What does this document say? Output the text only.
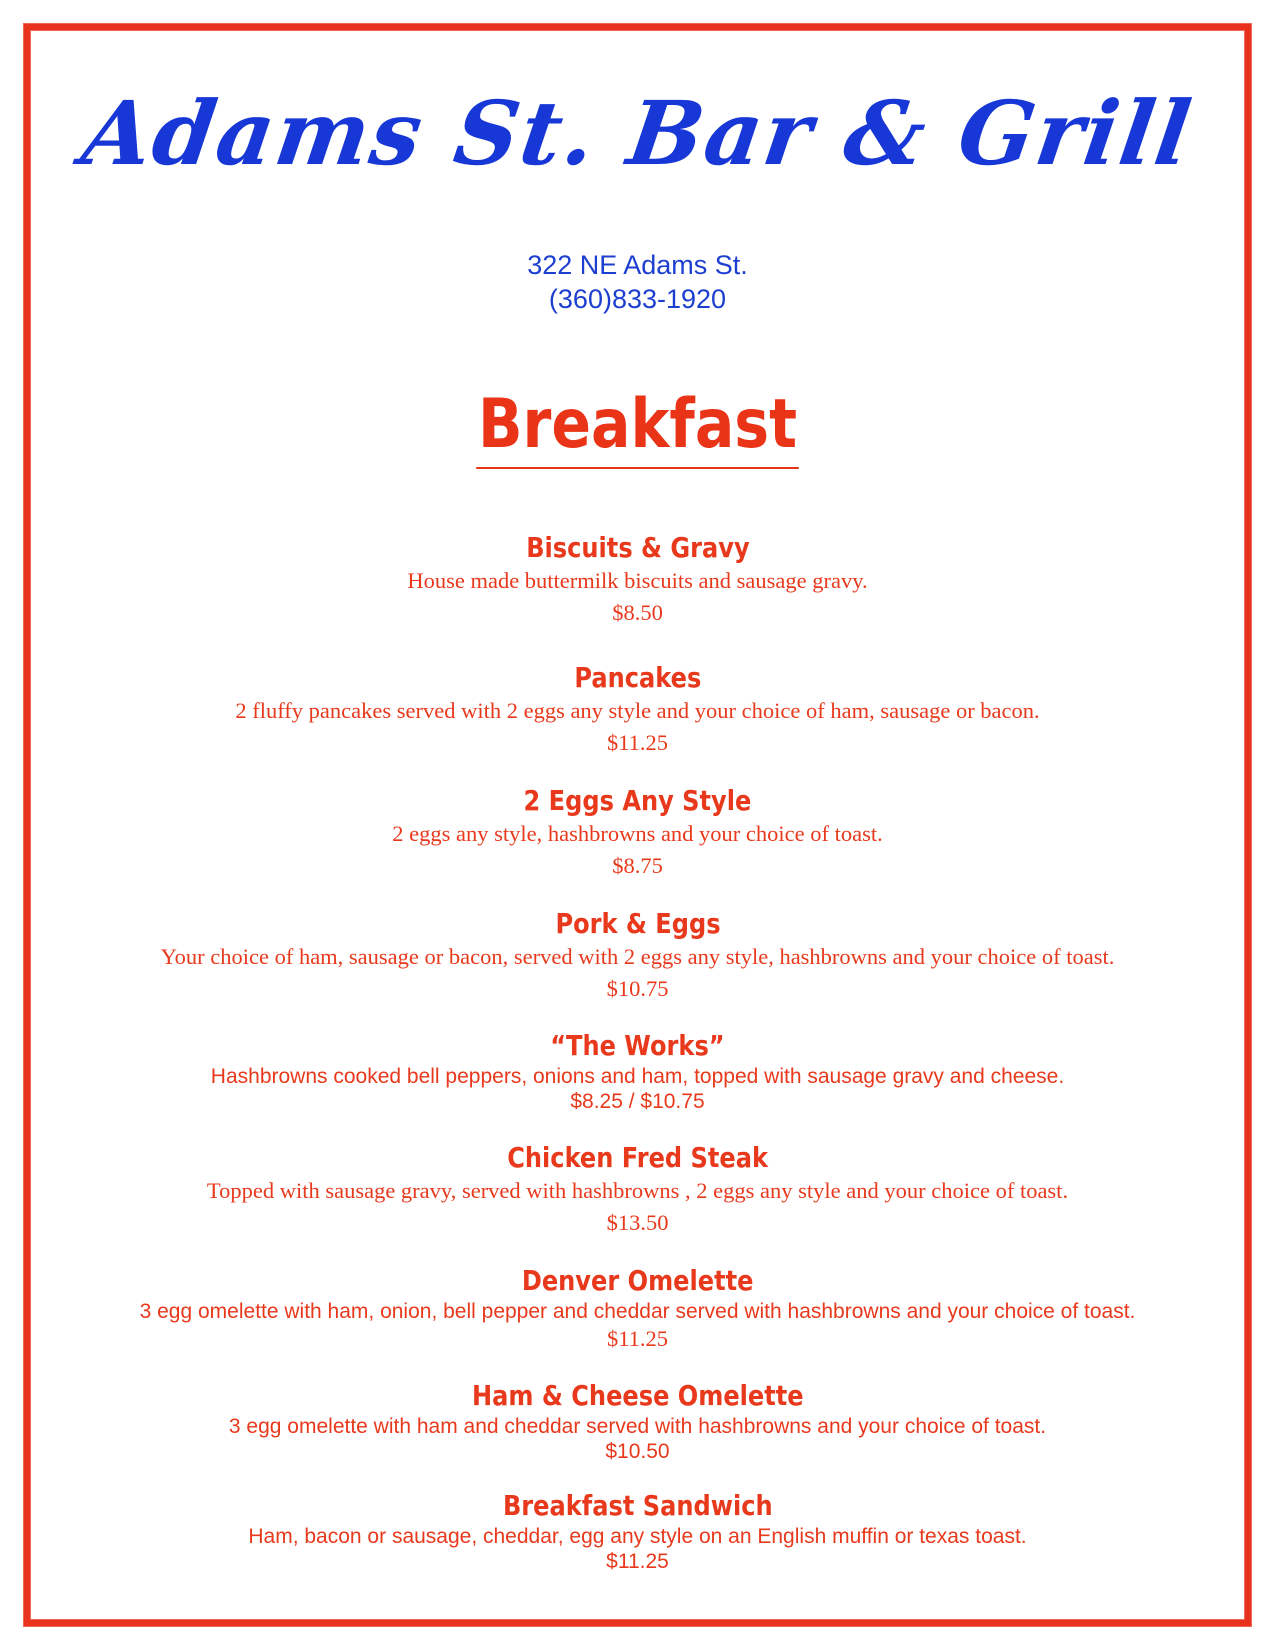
Adams St. Bar & Grill
322 NE Adams St.
(360)833-1920
Breakfast
Biscuits & Gravy
House made buttermilk biscuits and sausage gravy.
$8.50
Pancakes
2 fluffy pancakes served with 2 eggs any style and your choice of ham, sausage or bacon.
$11.25
2 Eggs Any Style
2 eggs any style, hashbrowns and your choice of toast.
$8.75
Pork & Eggs
Your choice of ham, sausage or bacon, served with 2 eggs any style, hashbrowns and your choice of toast.
$10.75
“The Works”
Hashbrowns cooked bell peppers, onions and ham, topped with sausage gravy and cheese.
$8.25 / $10.75
Chicken Fred Steak
Topped with sausage gravy, served with hashbrowns , 2 eggs any style and your choice of toast.
$13.50
Denver Omelette
3 egg omelette with ham, onion, bell pepper and cheddar served with hashbrowns and your choice of toast.
$11.25
Ham & Cheese Omelette
3 egg omelette with ham and cheddar served with hashbrowns and your choice of toast.
$10.50
Breakfast Sandwich
Ham, bacon or sausage, cheddar, egg any style on an English muffin or texas toast.
$11.25
